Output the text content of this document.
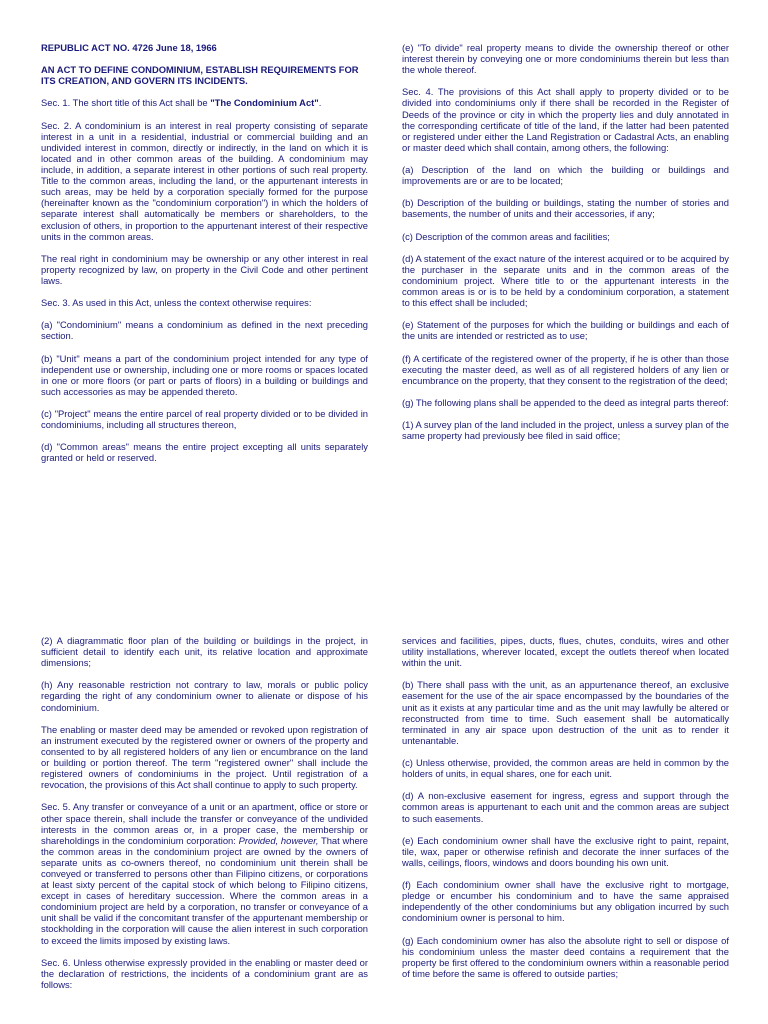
REPUBLIC ACT NO. 4726 June 18, 1966

AN ACT TO DEFINE CONDOMINIUM, ESTABLISH REQUIREMENTS FOR ITS CREATION, AND GOVERN ITS INCIDENTS.

Sec. 1. The short title of this Act shall be "The Condominium Act".

Sec. 2. A condominium is an interest in real property consisting of separate interest in a unit in a residential, industrial or commercial building and an undivided interest in common, directly or indirectly, in the land on which it is located and in other common areas of the building. A condominium may include, in addition, a separate interest in other portions of such real property. Title to the common areas, including the land, or the appurtenant interests in such areas, may be held by a corporation specially formed for the purpose (hereinafter known as the "condominium corporation") in which the holders of separate interest shall automatically be members or shareholders, to the exclusion of others, in proportion to the appurtenant interest of their respective units in the common areas.

The real right in condominium may be ownership or any other interest in real property recognized by law, on property in the Civil Code and other pertinent laws.

Sec. 3. As used in this Act, unless the context otherwise requires:

(a) "Condominium" means a condominium as defined in the next preceding section.

(b) "Unit" means a part of the condominium project intended for any type of independent use or ownership, including one or more rooms or spaces located in one or more floors (or part or parts of floors) in a building or buildings and such accessories as may be appended thereto.

(c) "Project" means the entire parcel of real property divided or to be divided in condominiums, including all structures thereon,

(d) "Common areas" means the entire project excepting all units separately granted or held or reserved.

(e) "To divide" real property means to divide the ownership thereof or other interest therein by conveying one or more condominiums therein but less than the whole thereof.

Sec. 4. The provisions of this Act shall apply to property divided or to be divided into condominiums only if there shall be recorded in the Register of Deeds of the province or city in which the property lies and duly annotated in the corresponding certificate of title of the land, if the latter had been patented or registered under either the Land Registration or Cadastral Acts, an enabling or master deed which shall contain, among others, the following:

(a) Description of the land on which the building or buildings and improvements are or are to be located;

(b) Description of the building or buildings, stating the number of stories and basements, the number of units and their accessories, if any;

(c) Description of the common areas and facilities;

(d) A statement of the exact nature of the interest acquired or to be acquired by the purchaser in the separate units and in the common areas of the condominium project. Where title to or the appurtenant interests in the common areas is or is to be held by a condominium corporation, a statement to this effect shall be included;

(e) Statement of the purposes for which the building or buildings and each of the units are intended or restricted as to use;

(f) A certificate of the registered owner of the property, if he is other than those executing the master deed, as well as of all registered holders of any lien or encumbrance on the property, that they consent to the registration of the deed;

(g) The following plans shall be appended to the deed as integral parts thereof:

(1) A survey plan of the land included in the project, unless a survey plan of the same property had previously bee filed in said office;

(2) A diagrammatic floor plan of the building or buildings in the project, in sufficient detail to identify each unit, its relative location and approximate dimensions;

(h) Any reasonable restriction not contrary to law, morals or public policy regarding the right of any condominium owner to alienate or dispose of his condominium.

The enabling or master deed may be amended or revoked upon registration of an instrument executed by the registered owner or owners of the property and consented to by all registered holders of any lien or encumbrance on the land or building or portion thereof. The term "registered owner" shall include the registered owners of condominiums in the project. Until registration of a revocation, the provisions of this Act shall continue to apply to such property.

Sec. 5. Any transfer or conveyance of a unit or an apartment, office or store or other space therein, shall include the transfer or conveyance of the undivided interests in the common areas or, in a proper case, the membership or shareholdings in the condominium corporation: Provided, however, That where the common areas in the condominium project are owned by the owners of separate units as co-owners thereof, no condominium unit therein shall be conveyed or transferred to persons other than Filipino citizens, or corporations at least sixty percent of the capital stock of which belong to Filipino citizens, except in cases of hereditary succession. Where the common areas in a condominium project are held by a corporation, no transfer or conveyance of a unit shall be valid if the concomitant transfer of the appurtenant membership or stockholding in the corporation will cause the alien interest in such corporation to exceed the limits imposed by existing laws.

Sec. 6. Unless otherwise expressly provided in the enabling or master deed or the declaration of restrictions, the incidents of a condominium grant are as follows:

services and facilities, pipes, ducts, flues, chutes, conduits, wires and other utility installations, wherever located, except the outlets thereof when located within the unit.

(b) There shall pass with the unit, as an appurtenance thereof, an exclusive easement for the use of the air space encompassed by the boundaries of the unit as it exists at any particular time and as the unit may lawfully be altered or reconstructed from time to time. Such easement shall be automatically terminated in any air space upon destruction of the unit as to render it untenantable.

(c) Unless otherwise, provided, the common areas are held in common by the holders of units, in equal shares, one for each unit.

(d) A non-exclusive easement for ingress, egress and support through the common areas is appurtenant to each unit and the common areas are subject to such easements.

(e) Each condominium owner shall have the exclusive right to paint, repaint, tile, wax, paper or otherwise refinish and decorate the inner surfaces of the walls, ceilings, floors, windows and doors bounding his own unit.

(f) Each condominium owner shall have the exclusive right to mortgage, pledge or encumber his condominium and to have the same appraised independently of the other condominiums but any obligation incurred by such condominium owner is personal to him.

(g) Each condominium owner has also the absolute right to sell or dispose of his condominium unless the master deed contains a requirement that the property be first offered to the condominium owners within a reasonable period of time before the same is offered to outside parties;
